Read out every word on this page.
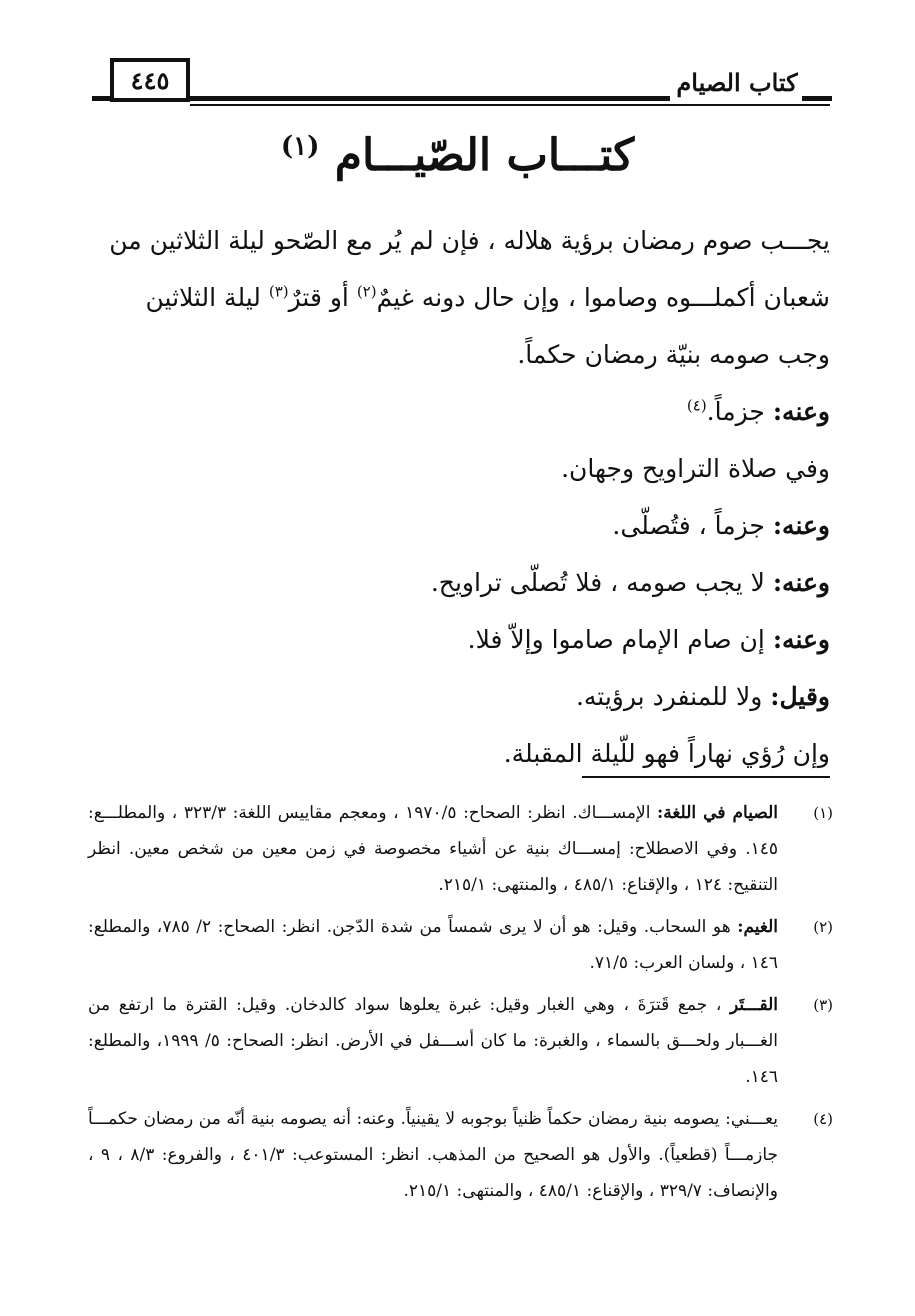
٤٤٥	كتاب الصيام
كتـــاب الصّيـــام $^{(١)}$

يجـــب صوم رمضان برؤية هلاله ، فإن لم يُر مع الصّحو ليلة الثلاثين من شعبان أكملـــوه وصاموا ، وإن حال دونه غيمٌ$^{(٢)}$ أو قترٌ$^{(٣)}$ ليلة الثلاثين وجب صومه بنيّة رمضان حكماً.

وعنه: جزماً.$^{(٤)}$

وفي صلاة التراويح وجهان.

وعنه: جزماً ، فتُصلّى.

وعنه: لا يجب صومه ، فلا تُصلّى تراويح.

وعنه: إن صام الإمام صاموا وإلاّ فلا.

وقيل: ولا للمنفرد برؤيته.

وإن رُؤي نهاراً فهو للّيلة المقبلة.

(١)
الصيام في اللغة: الإمســـاك. انظر: الصحاح: ١٩٧٠/٥ ، ومعجم مقاييس اللغة: ٣٢٣/٣ ، والمطلـــع: ١٤٥. وفي الاصطلاح: إمســـاك بنية عن أشياء مخصوصة في زمن معين من شخص معين. انظر التنقيح: ١٢٤ ، والإقناع: ٤٨٥/١ ، والمنتهى: ٢١٥/١.
(٢)
الغيم: هو السحاب. وقيل: هو أن لا يرى شمساً من شدة الدّجن. انظر: الصحاح: ٢/ ٧٨٥، والمطلع: ١٤٦ ، ولسان العرب: ٧١/٥.
(٣)
القـــتَر ، جمع قَترَةَ ، وهي الغبار وقيل: غبرة يعلوها سواد كالدخان. وقيل: القترة ما ارتفع من الغـــبار ولحـــق بالسماء ، والغبرة: ما كان أســـفل في الأرض. انظر: الصحاح: ٥/ ١٩٩٩، والمطلع: ١٤٦.
(٤)
يعـــني: يصومه بنية رمضان حكماً ظنياً بوجوبه لا يقينياً. وعنه: أنه يصومه بنية أنّه من رمضان حكمـــاً جازمـــاً (قطعياً). والأول هو الصحيح من المذهب. انظر: المستوعب: ٤٠١/٣ ، والفروع: ٨/٣ ، ٩ ، والإنصاف: ٣٢٩/٧ ، والإقناع: ٤٨٥/١ ، والمنتهى: ٢١٥/١.
